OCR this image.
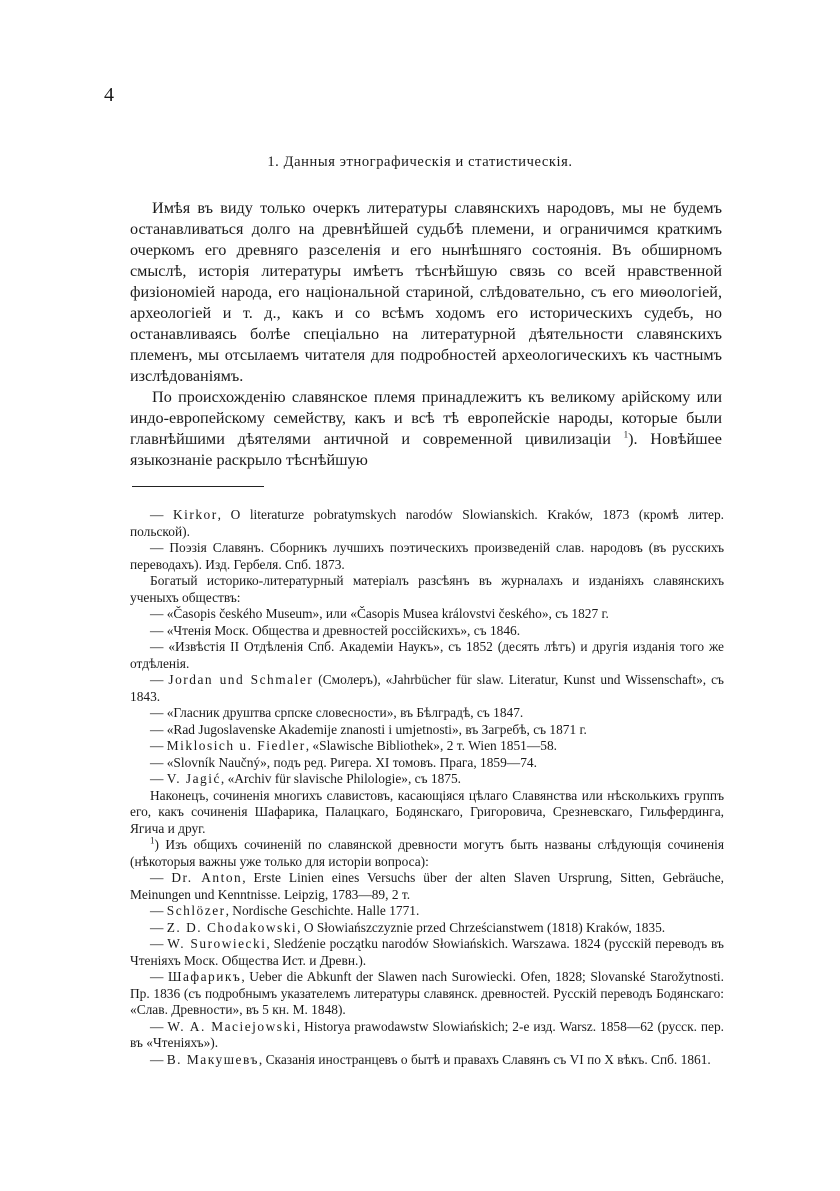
4
1. Данныя этнографическія и статистическія.

Имѣя въ виду только очеркъ литературы славянскихъ народовъ, мы не будемъ останавливаться долго на древнѣйшей судьбѣ племени, и ограничимся краткимъ очеркомъ его древняго разселенія и его нынѣшняго состоянія. Въ обширномъ смыслѣ, исторія литературы имѣетъ тѣснѣйшую связь со всей нравственной физіономіей народа, его національной стариной, слѣдовательно, съ его миѳологіей, археологіей и т. д., какъ и со всѣмъ ходомъ его историческихъ судебъ, но останавливаясь болѣе спеціально на литературной дѣятельности славянскихъ племенъ, мы отсылаемъ читателя для подробностей археологическихъ къ частнымъ изслѣдованіямъ.

По происхожденію славянское племя принадлежитъ къ великому арійскому или индо-европейскому семейству, какъ и всѣ тѣ европейскіе народы, которые были главнѣйшими дѣятелями античной и современной цивилизаціи $^1$). Новѣйшее языкознаніе раскрыло тѣснѣйшую

— Kirkor, O literaturze pobratymskych narodów Slowianskich. Kraków, 1873 (кромѣ литер. польской).

— Поэзія Славянъ. Сборникъ лучшихъ поэтическихъ произведеній слав. народовъ (въ русскихъ переводахъ). Изд. Гербеля. Спб. 1873.

Богатый историко-литературный матеріалъ разсѣянъ въ журналахъ и изданіяхъ славянскихъ ученыхъ обществъ:

— «Časopis českého Museum», или «Časopis Musea královstvi českého», съ 1827 г.

— «Чтенія Моск. Общества и древностей россійскихъ», съ 1846.

— «Извѣстія II Отдѣленія Спб. Академіи Наукъ», съ 1852 (десять лѣтъ) и другія изданія того же отдѣленія.

— Jordan und Schmaler (Смолеръ), «Jahrbücher für slaw. Literatur, Kunst und Wissenschaft», съ 1843.

— «Гласник друштва српске словесности», въ Бѣлградѣ, съ 1847.

— «Rad Jugoslavenske Akademije znanosti i umjetnosti», въ Загребѣ, съ 1871 г.

— Miklosich u. Fiedler, «Slawische Bibliothek», 2 т. Wien 1851—58.

— «Slovník Naučný», подъ ред. Ригера. XI томовъ. Прага, 1859—74.

— V. Jagić, «Archiv für slavische Philologie», съ 1875.

Наконецъ, сочиненія многихъ славистовъ, касающіяся цѣлаго Славянства или нѣсколькихъ группъ его, какъ сочиненія Шафарика, Палацкаго, Бодянскаго, Григоровича, Срезневскаго, Гильфердинга, Ягича и друг.

$^1$) Изъ общихъ сочиненій по славянской древности могутъ быть названы слѣдующія сочиненія (нѣкоторыя важны уже только для исторіи вопроса):

— Dr. Anton, Erste Linien eines Versuchs über der alten Slaven Ursprung, Sitten, Gebräuche, Meinungen und Kenntnisse. Leipzig, 1783—89, 2 т.

— Schlözer, Nordische Geschichte. Halle 1771.

— Z. D. Chodakowski, O Słowiańszczyznie przed Chrześcianstwem (1818) Kraków, 1835.

— W. Surowiecki, Sledźenie początku narodów Słowiańskich. Warszawa. 1824 (русскій переводъ въ Чтеніяхъ Моск. Общества Ист. и Древн.).

— Шафарикъ, Ueber die Abkunft der Slawen nach Surowiecki. Ofen, 1828; Slovanské Starožytnosti. Пр. 1836 (съ подробнымъ указателемъ литературы славянск. древностей. Русскій переводъ Бодянскаго: «Слав. Древности», въ 5 кн. М. 1848).

— W. A. Maciejowski, Historya prawodawstw Slowiańskich; 2-е изд. Warsz. 1858—62 (русск. пер. въ «Чтеніяхъ»).

— В. Макушевъ, Сказанія иностранцевъ о бытѣ и правахъ Славянъ съ VI по X вѣкъ. Спб. 1861.
